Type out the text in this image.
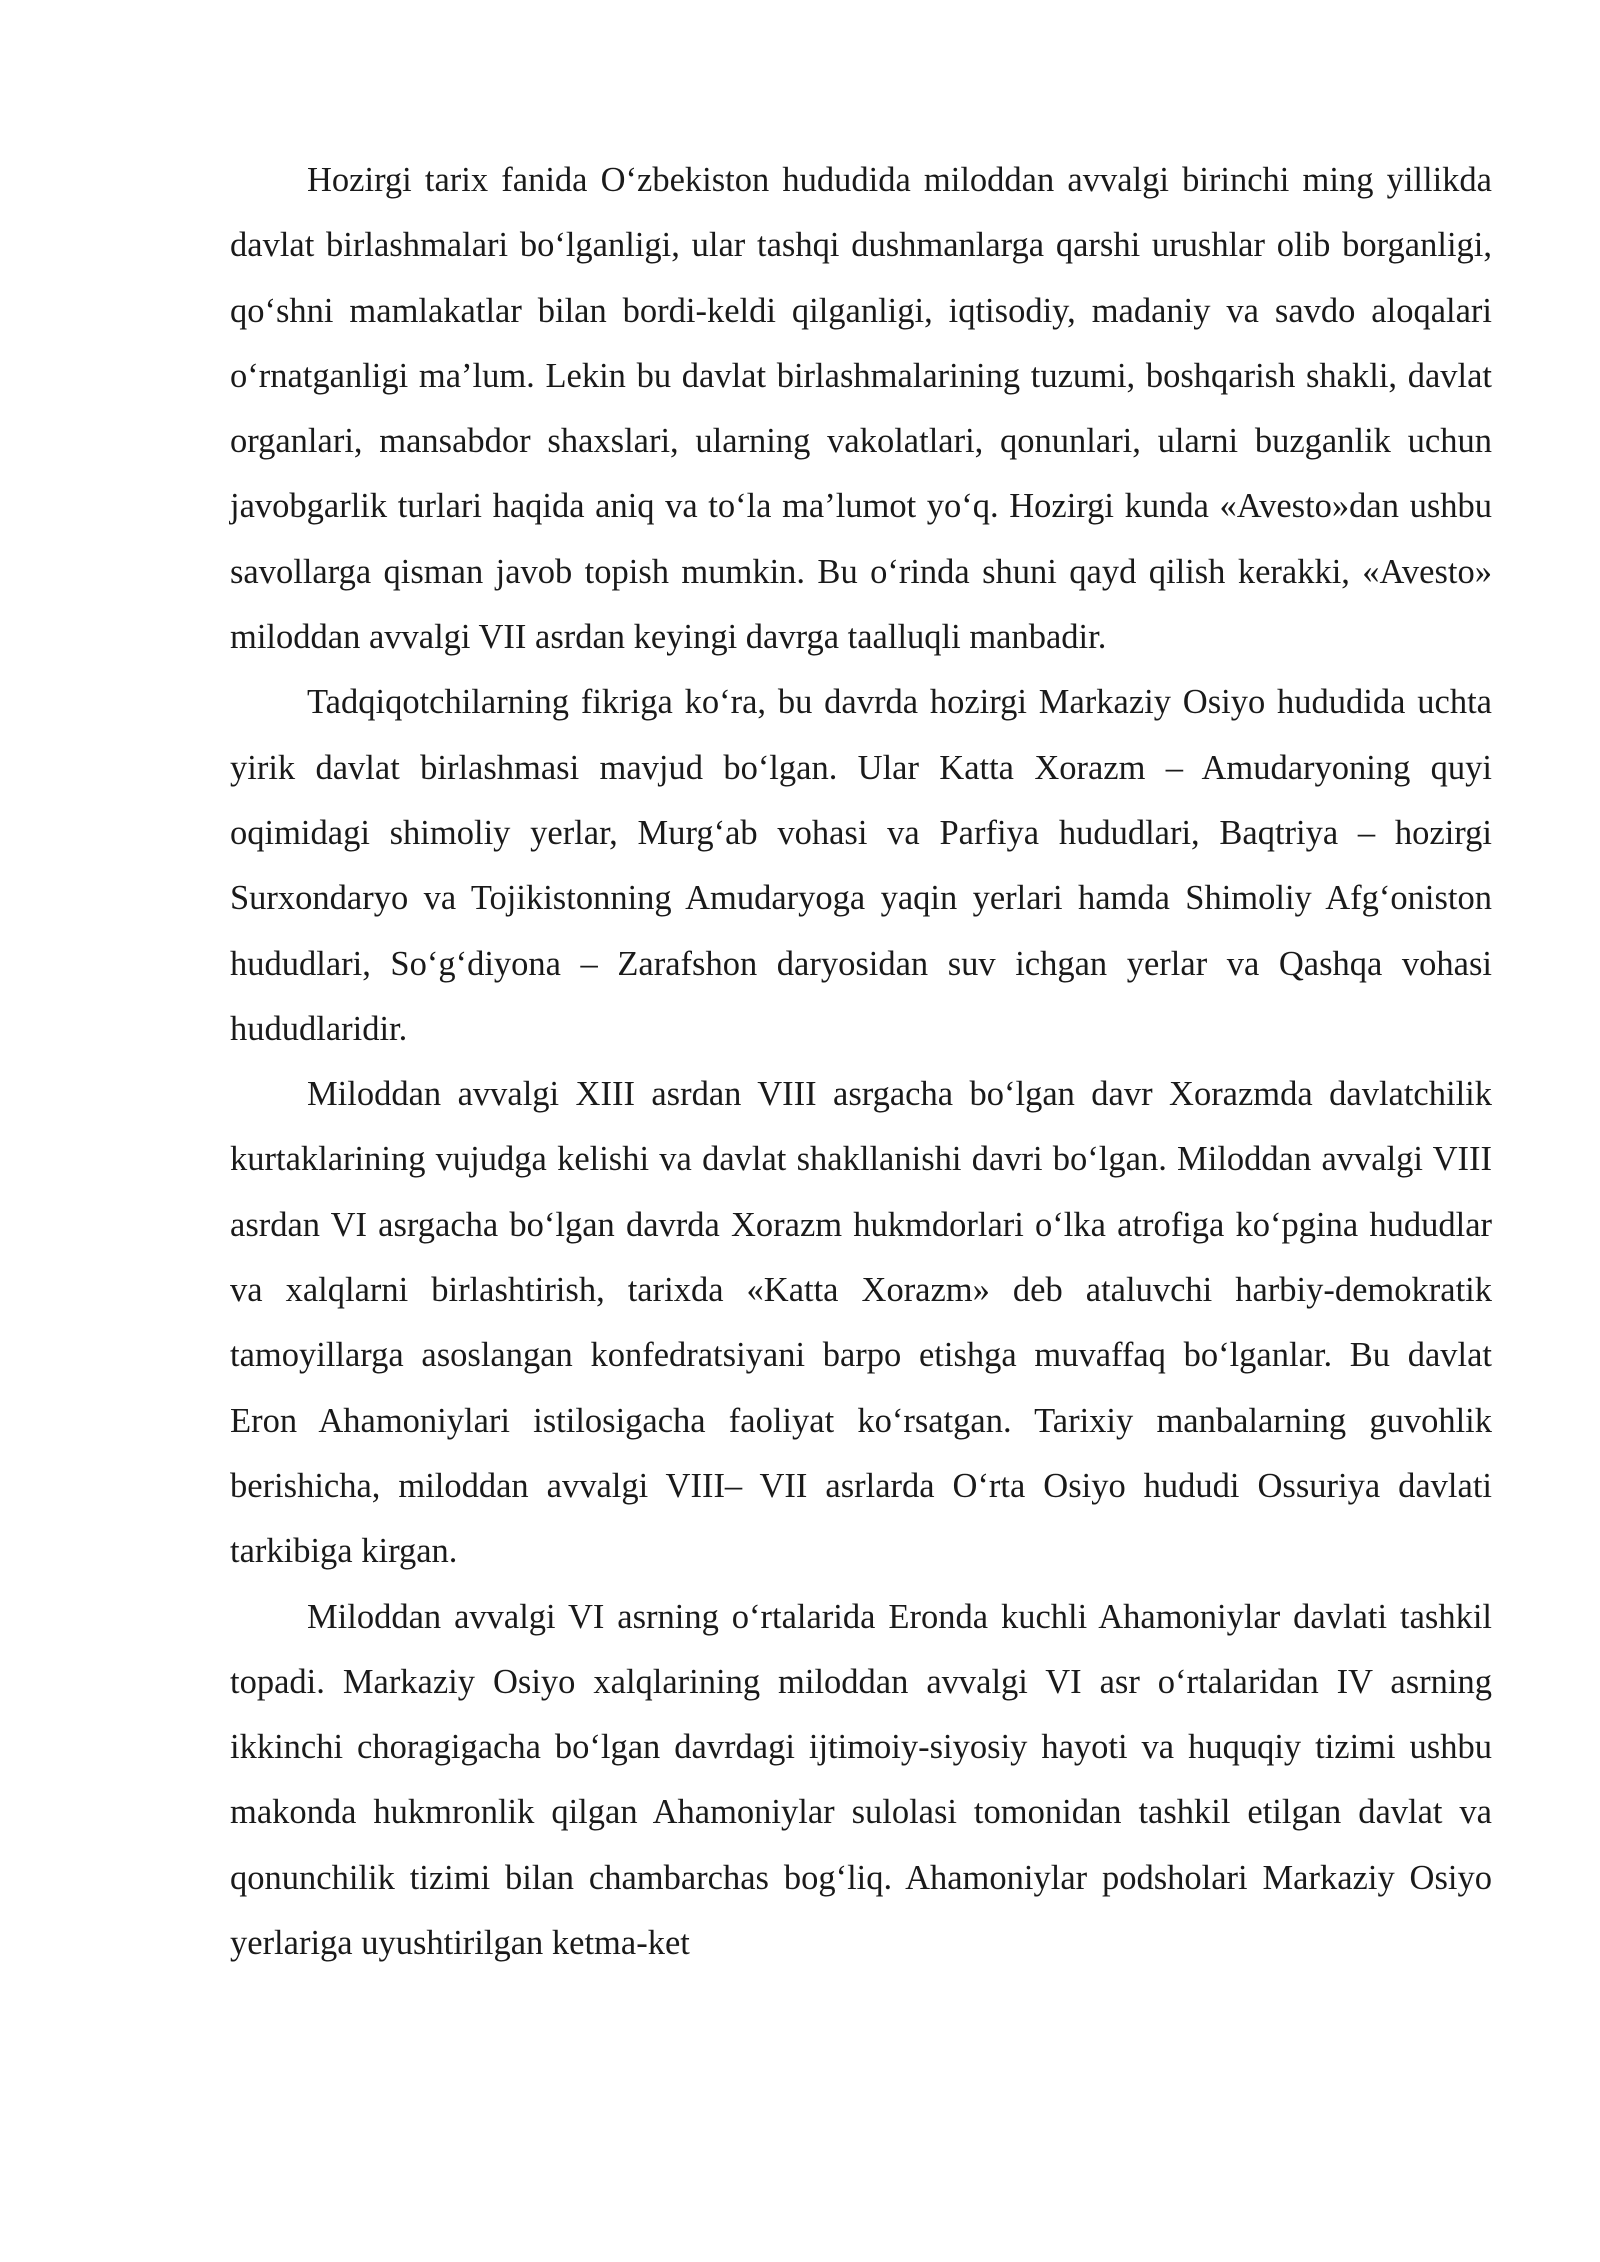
Hozirgi tarix fanida O‘zbekiston hududida miloddan avvalgi birinchi ming yillikda davlat birlashmalari bo‘lganligi, ular tashqi dushmanlarga qarshi urushlar olib borganligi, qo‘shni mamlakatlar bilan bordi-keldi qilganligi, iqtisodiy, madaniy va savdo aloqalari o‘rnatganligi ma’lum. Lekin bu davlat birlashmalarining tuzumi, boshqarish shakli, davlat organlari, mansabdor shaxslari, ularning vakolatlari, qonunlari, ularni buzganlik uchun javobgarlik turlari haqida aniq va to‘la ma’lumot yo‘q. Hozirgi kunda «Avesto»dan ushbu savollarga qisman javob topish mumkin. Bu o‘rinda shuni qayd qilish kerakki, «Avesto» miloddan avvalgi VII asrdan keyingi davrga taalluqli manbadir.

Tadqiqotchilarning fikriga ko‘ra, bu davrda hozirgi Markaziy Osiyo hududida uchta yirik davlat birlashmasi mavjud bo‘lgan. Ular Katta Xorazm – Amudaryoning quyi oqimidagi shimoliy yerlar, Murg‘ab vohasi va Parfiya hududlari, Baqtriya – hozirgi Surxondaryo va Tojikistonning Amudaryoga yaqin yerlari hamda Shimoliy Afg‘oniston hududlari, So‘g‘diyona – Zarafshon daryosidan suv ichgan yerlar va Qashqa vohasi hududlaridir.

Miloddan avvalgi XIII asrdan VIII asrgacha bo‘lgan davr Xorazmda davlatchilik kurtaklarining vujudga kelishi va davlat shakllanishi davri bo‘lgan. Miloddan avvalgi VIII asrdan VI asrgacha bo‘lgan davrda Xorazm hukmdorlari o‘lka atrofiga ko‘pgina hududlar va xalqlarni birlashtirish, tarixda «Katta Xorazm» deb ataluvchi harbiy-demokratik tamoyillarga asoslangan konfedratsiyani barpo etishga muvaffaq bo‘lganlar. Bu davlat Eron Ahamoniylari istilosigacha faoliyat ko‘rsatgan. Tarixiy manbalarning guvohlik berishicha, miloddan avvalgi VIII– VII asrlarda O‘rta Osiyo hududi Ossuriya davlati tarkibiga kirgan.

Miloddan avvalgi VI asrning o‘rtalarida Eronda kuchli Ahamoniylar davlati tashkil topadi. Markaziy Osiyo xalqlarining miloddan avvalgi VI asr o‘rtalaridan IV asrning ikkinchi choragigacha bo‘lgan davrdagi ijtimoiy-siyosiy hayoti va huquqiy tizimi ushbu makonda hukmronlik qilgan Ahamoniylar sulolasi tomonidan tashkil etilgan davlat va qonunchilik tizimi bilan chambarchas bog‘liq. Ahamoniylar podsholari Markaziy Osiyo yerlariga uyushtirilgan ketma-ket
